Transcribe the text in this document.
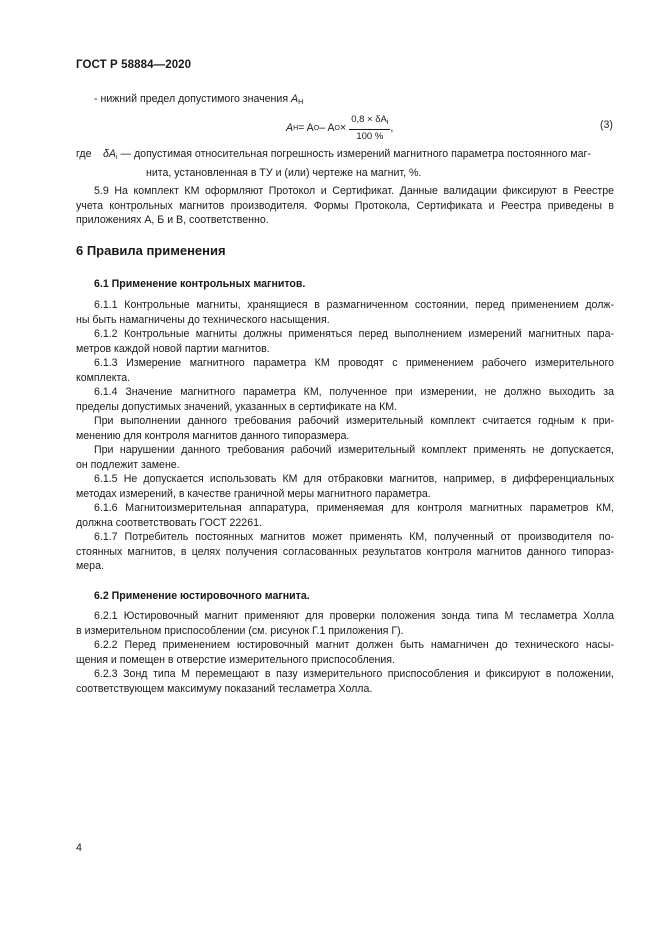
ГОСТ Р 58884—2020
- нижний предел допустимого значения $A_Н$
A Н = A О – A $О \times \frac{0,8 \times \delta A_i}{100 \%}$ ,	(3)
где	$\delta A_i$ — допустимая относительная погрешность измерений магнитного параметра постоянного маг-
нита, установленная в ТУ и (или) чертеже на магнит, %.
5.9 На комплект КМ оформляют Протокол и Сертификат. Данные валидации фиксируют в Реестре
учета контрольных магнитов производителя. Формы Протокола, Сертификата и Реестра приведены в приложениях А, Б и В, соответственно.
6 Правила применения
6.1 Применение контрольных магнитов.
6.1.1 Контрольные магниты, хранящиеся в размагниченном состоянии, перед применением долж-
ны быть намагничены до технического насыщения.
6.1.2 Контрольные магниты должны применяться перед выполнением измерений магнитных пара-
метров каждой новой партии магнитов.
6.1.3 Измерение магнитного параметра КМ проводят с применением рабочего измерительного
комплекта.
6.1.4 Значение магнитного параметра КМ, полученное при измерении, не должно выходить за
пределы допустимых значений, указанных в сертификате на КМ.
При выполнении данного требования рабочий измерительный комплект считается годным к при-
менению для контроля магнитов данного типоразмера.
При нарушении данного требования рабочий измерительный комплект применять не допускается,
он подлежит замене.
6.1.5 Не допускается использовать КМ для отбраковки магнитов, например, в дифференциальных
методах измерений, в качестве граничной меры магнитного параметра.
6.1.6 Магнитоизмерительная аппаратура, применяемая для контроля магнитных параметров КМ,
должна соответствовать ГОСТ 22261.
6.1.7 Потребитель постоянных магнитов может применять КМ, полученный от производителя по-
стоянных магнитов, в целях получения согласованных результатов контроля магнитов данного типораз-мера.
6.2 Применение юстировочного магнита.
6.2.1 Юстировочный магнит применяют для проверки положения зонда типа М тесламетра Холла
в измерительном приспособлении (см. рисунок Г.1 приложения Г).
6.2.2 Перед применением юстировочный магнит должен быть намагничен до технического насы-
щения и помещен в отверстие измерительного приспособления.
6.2.3 Зонд типа М перемещают в пазу измерительного приспособления и фиксируют в положении,
соответствующем максимуму показаний тесламетра Холла.
4
